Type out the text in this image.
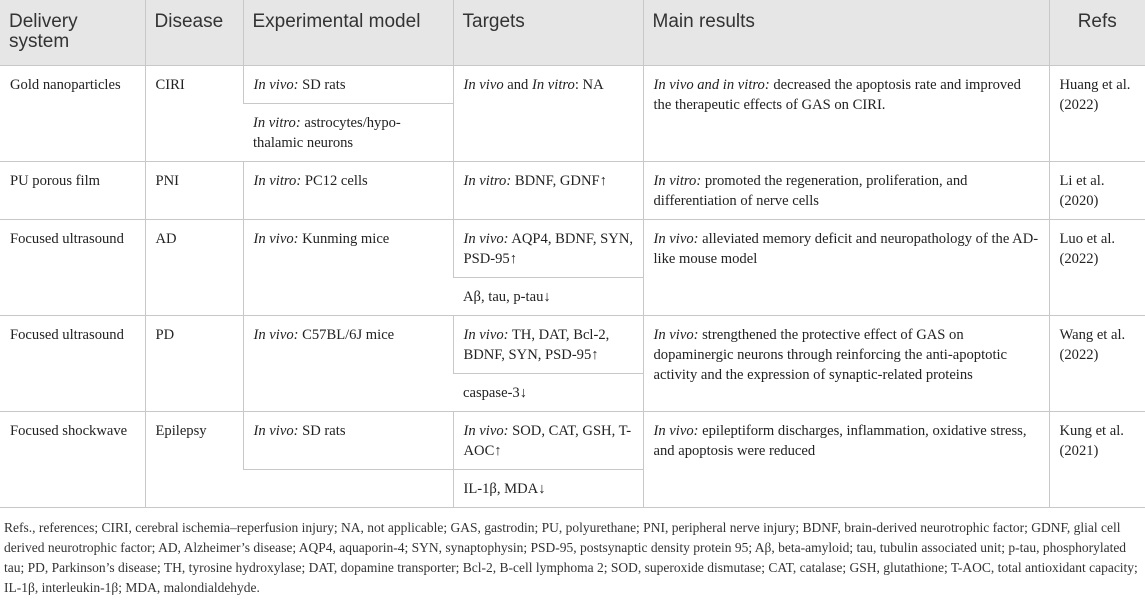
Delivery system	Disease	Experimental model	Targets	Main results	Refs
Gold nanoparticles	CIRI	In vivo: SD rats	In vivo and In vitro: NA	In vivo and in vitro: decreased the apoptosis rate and improved the therapeutic effects of GAS on CIRI.	Huang et al. (2022)
		In vitro: astrocytes/hypo-thalamic neurons			
PU porous film	PNI	In vitro: PC12 cells	In vitro: BDNF, GDNF↑	In vitro: promoted the regeneration, proliferation, and differentiation of nerve cells	Li et al. (2020)
Focused ultrasound	AD	In vivo: Kunming mice	In vivo: AQP4, BDNF, SYN, PSD-95↑	In vivo: alleviated memory deficit and neuropathology of the AD-like mouse model	Luo et al. (2022)
			Aβ, tau, p-tau↓		
Focused ultrasound	PD	In vivo: C57BL/6J mice	In vivo: TH, DAT, Bcl-2, BDNF, SYN, PSD-95↑	In vivo: strengthened the protective effect of GAS on dopaminergic neurons through reinforcing the anti-apoptotic activity and the expression of synaptic-related proteins	Wang et al. (2022)
			caspase-3↓		
Focused shockwave	Epilepsy	In vivo: SD rats	In vivo: SOD, CAT, GSH, T-AOC↑	In vivo: epileptiform discharges, inflammation, oxidative stress, and apoptosis were reduced	Kung et al. (2021)
			IL-1β, MDA↓		
Refs., references; CIRI, cerebral ischemia–reperfusion injury; NA, not applicable; GAS, gastrodin; PU, polyurethane; PNI, peripheral nerve injury; BDNF, brain-derived neurotrophic factor; GDNF, glial cell derived neurotrophic factor; AD, Alzheimer’s disease; AQP4, aquaporin-4; SYN, synaptophysin; PSD-95, postsynaptic density protein 95; Aβ, beta-amyloid; tau, tubulin associated unit; p-tau, phosphorylated tau; PD, Parkinson’s disease; TH, tyrosine hydroxylase; DAT, dopamine transporter; Bcl-2, B-cell lymphoma 2; SOD, superoxide dismutase; CAT, catalase; GSH, glutathione; T-AOC, total antioxidant capacity; IL-1β, interleukin-1β; MDA, malondialdehyde.
